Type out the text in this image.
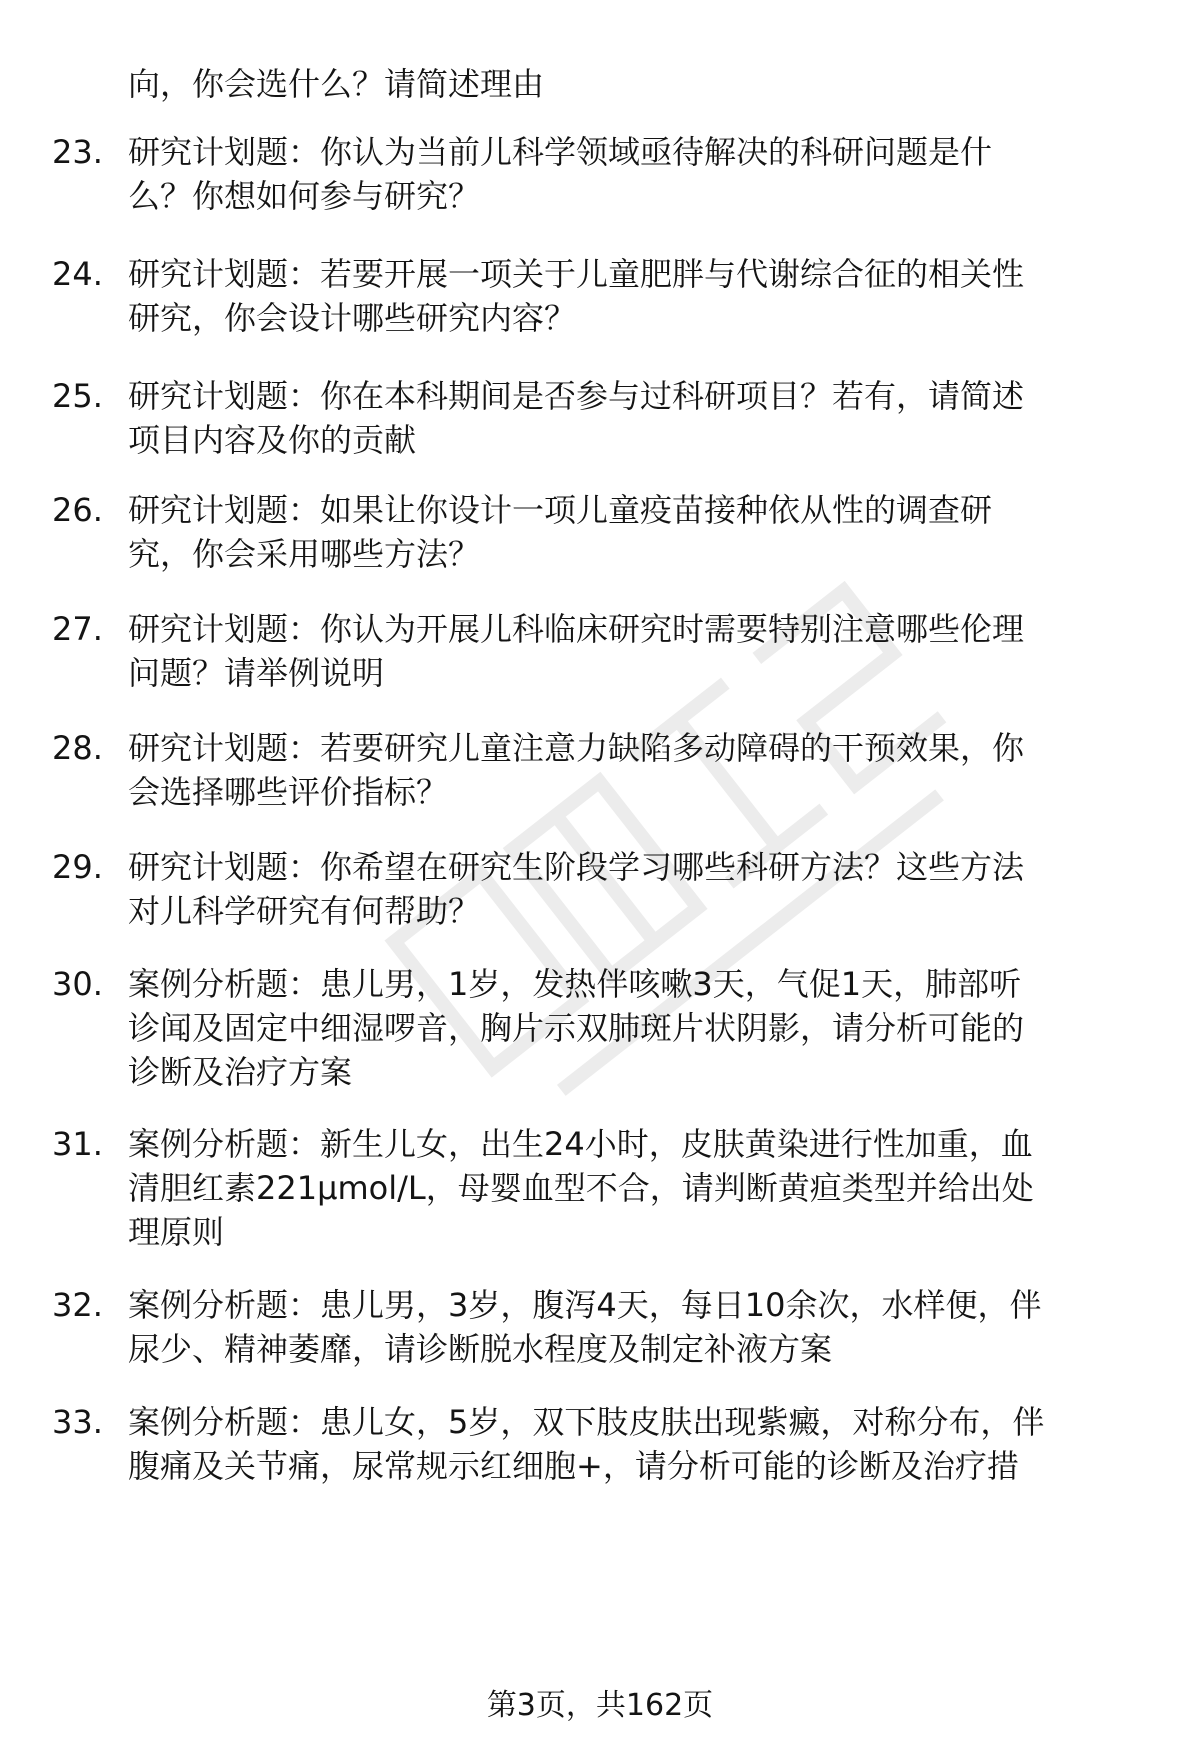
向，你会选什么？请简述理由
23. 研究计划题：你认为当前儿科学领域亟待解决的科研问题是什
么？你想如何参与研究？
24. 研究计划题：若要开展一项关于儿童肥胖与代谢综合征的相关性
研究，你会设计哪些研究内容？
25. 研究计划题：你在本科期间是否参与过科研项目？若有，请简述
项目内容及你的贡献
26. 研究计划题：如果让你设计一项儿童疫苗接种依从性的调查研
究，你会采用哪些方法？
27. 研究计划题：你认为开展儿科临床研究时需要特别注意哪些伦理
问题？请举例说明
28. 研究计划题：若要研究儿童注意力缺陷多动障碍的干预效果，你
会选择哪些评价指标？
29. 研究计划题：你希望在研究生阶段学习哪些科研方法？这些方法
对儿科学研究有何帮助？
30. 案例分析题：患儿男，1岁，发热伴咳嗽3天，气促1天，肺部听
诊闻及固定中细湿啰音，胸片示双肺斑片状阴影，请分析可能的
诊断及治疗方案
31. 案例分析题：新生儿女，出生24小时，皮肤黄染进行性加重，血
清胆红素221μmol/L，母婴血型不合，请判断黄疸类型并给出处
理原则
32. 案例分析题：患儿男，3岁，腹泻4天，每日10余次，水样便，伴
尿少、精神萎靡，请诊断脱水程度及制定补液方案
33. 案例分析题：患儿女，5岁，双下肢皮肤出现紫癜，对称分布，伴
腹痛及关节痛，尿常规示红细胞+，请分析可能的诊断及治疗措
第3页，共162页
